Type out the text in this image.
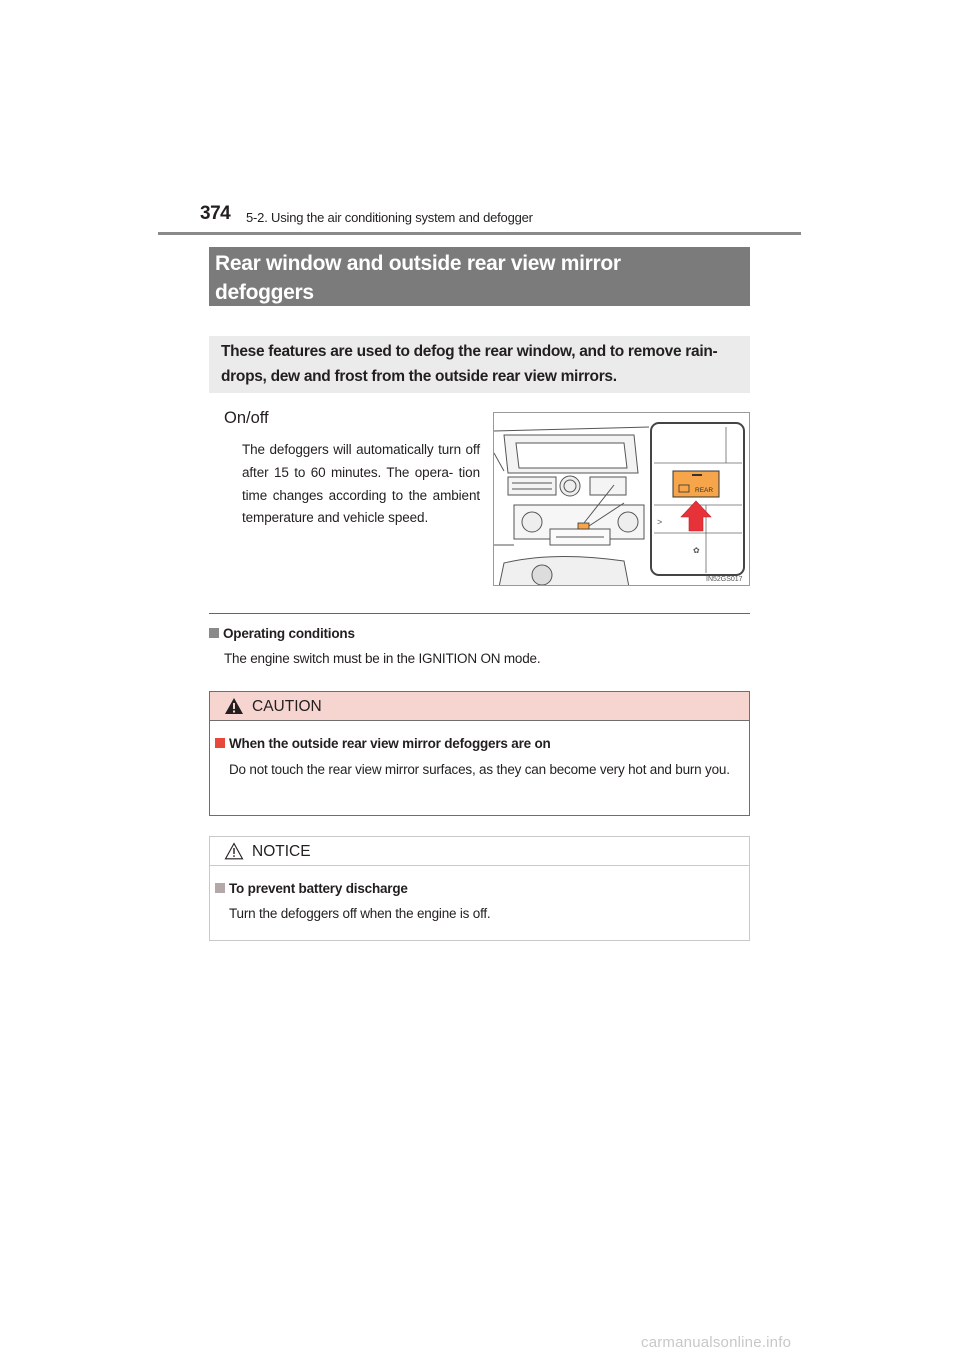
374 5-2. Using the air conditioning system and defogger
Rear window and outside rear view mirror
defoggers
These features are used to defog the rear window, and to remove rain-
drops, dew and frost from the outside rear view mirrors.
On/off
The defoggers will automatically turn off after 15 to 60 minutes. The opera- tion time changes according to the ambient temperature and vehicle speed.	>
✿
REAR
IN52GS017
Operating conditions
The engine switch must be in the IGNITION ON mode.
CAUTION
When the outside rear view mirror defoggers are on
Do not touch the rear view mirror surfaces, as they can become very hot and burn you.
NOTICE
To prevent battery discharge
Turn the defoggers off when the engine is off.
carmanualsonline.info
